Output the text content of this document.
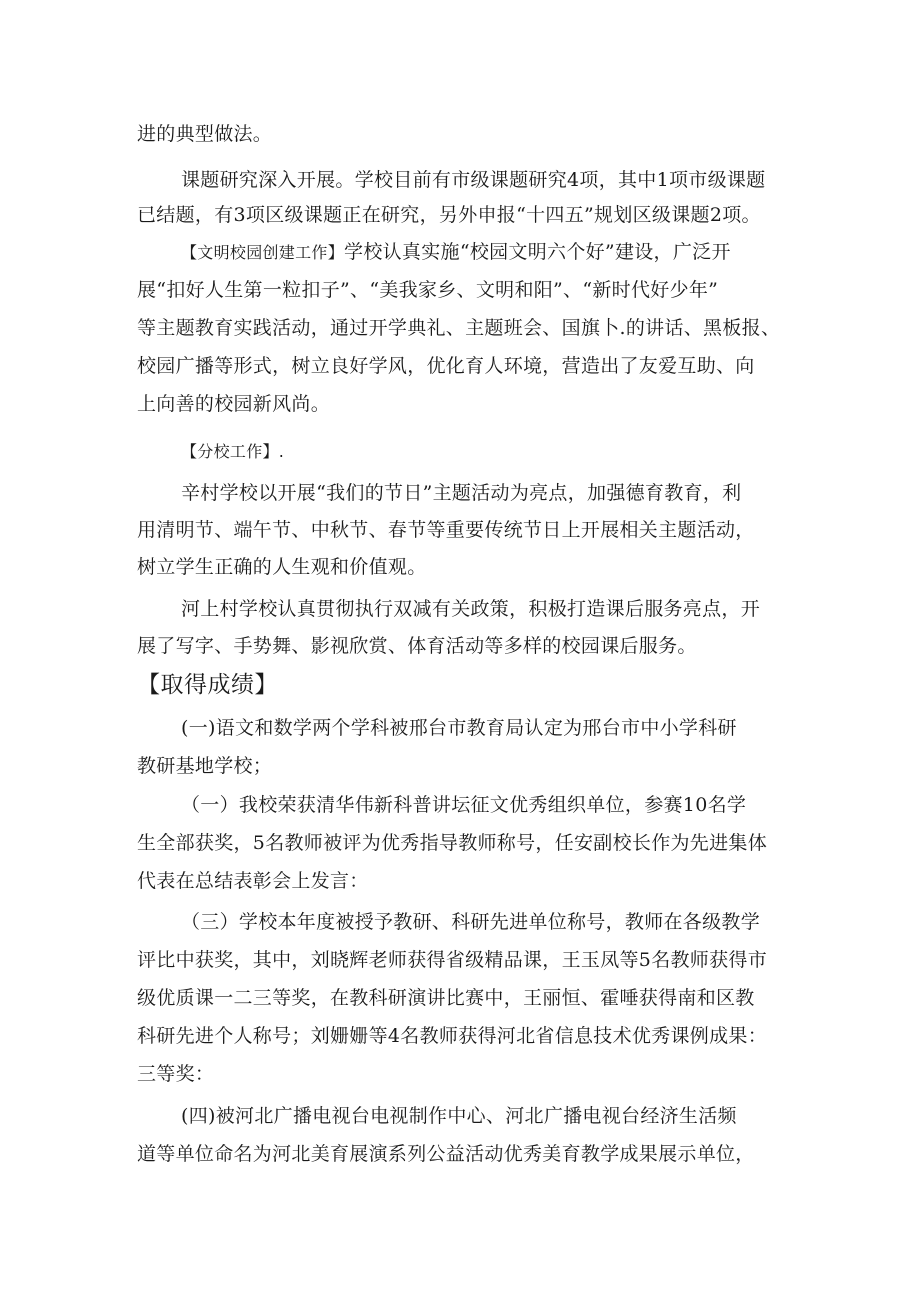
进的典型做法。
课题研究深入开展。学校目前有市级课题研究4项，其中1项市级课题
已结题，有3项区级课题正在研究，另外申报“十四五”规划区级课题2项。
【文明校园创建工作】学校认真实施“校园文明六个好”建设，广泛开
展“扣好人生第一粒扣子”、“美我家乡、文明和阳”、“新时代好少年”
等主题教育实践活动，通过开学典礼、主题班会、国旗卜.的讲话、黑板报、
校园广播等形式，树立良好学风，优化育人环境，营造出了友爱互助、向
上向善的校园新风尚。
【分校工作】.
辛村学校以开展“我们的节日”主题活动为亮点，加强德育教育，利
用清明节、端午节、中秋节、春节等重要传统节日上开展相关主题活动，
树立学生正确的人生观和价值观。
河上村学校认真贯彻执行双减有关政策，积极打造课后服务亮点，开
展了写字、手势舞、影视欣赏、体育活动等多样的校园课后服务。
【取得成绩】
(一)语文和数学两个学科被邢台市教育局认定为邢台市中小学科研
教研基地学校；
（一）我校荣获清华伟新科普讲坛征文优秀组织单位，参赛10名学
生全部获奖，5名教师被评为优秀指导教师称号，任安副校长作为先进集体
代表在总结表彰会上发言：
（三）学校本年度被授予教研、科研先进单位称号，教师在各级教学
评比中获奖，其中，刘晓辉老师获得省级精品课，王玉凤等5名教师获得市
级优质课一二三等奖，在教科研演讲比赛中，王丽恒、霍唾获得南和区教
科研先进个人称号；刘姗姗等4名教师获得河北省信息技术优秀课例成果：
三等奖：
(四)被河北广播电视台电视制作中心、河北广播电视台经济生活频
道等单位命名为河北美育展演系列公益活动优秀美育教学成果展示单位，
